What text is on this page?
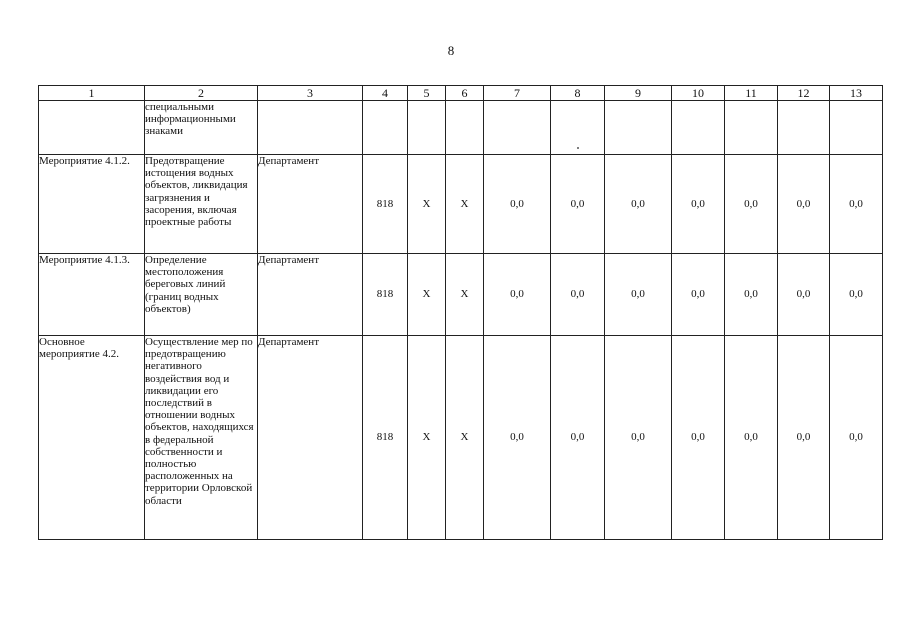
8
1	2	3	4	5	6	7	8	9	10	11	12	13
	специальными информационными знаками											
Мероприятие 4.1.2.	Предотвращение истощения водных объектов, ликвидация загрязнения и засорения, включая проектные работы	Департамент	818	X	X	0,0	0,0	0,0	0,0	0,0	0,0	0,0
Мероприятие 4.1.3.	Определение местоположения береговых линий (границ водных объектов)	Департамент	818	X	X	0,0	0,0	0,0	0,0	0,0	0,0	0,0
Основное мероприятие 4.2.	Осуществление мер по предотвращению негативного воздействия вод и ликвидации его последствий в отношении водных объектов, находящихся в федеральной собственности и полностью расположенных на территории Орловской области	Департамент	818	X	X	0,0	0,0	0,0	0,0	0,0	0,0	0,0
